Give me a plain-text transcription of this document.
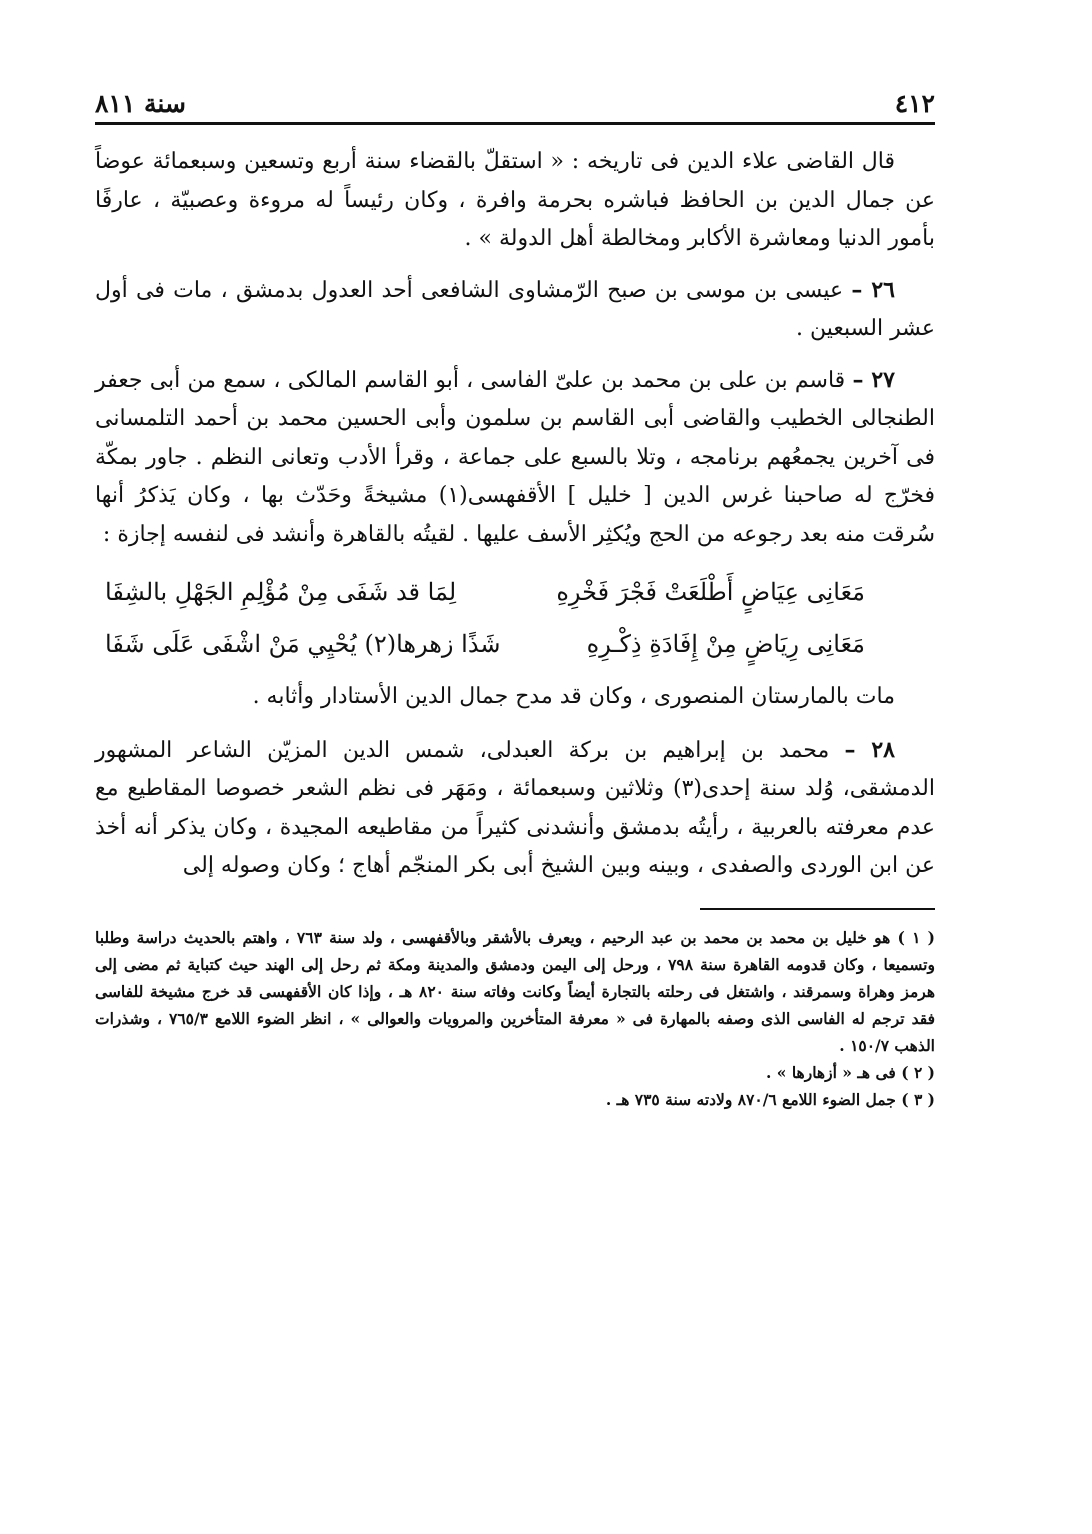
٤١٢
سنة ٨١١

قال القاضى علاء الدين فى تاريخه : « استقلّ بالقضاء سنة أربع وتسعين وسبعمائة عوضاً عن جمال الدين بن الحافظ فباشره بحرمة وافرة ، وكان رئيساً له مروءة وعصبيّة ، عارفًا بأمور الدنيا ومعاشرة الأكابر ومخالطة أهل الدولة » .

٢٦ – عيسى بن موسى بن صبح الرّمشاوى الشافعى أحد العدول بدمشق ، مات فى أول عشر السبعين .

٢٧ – قاسم بن على بن محمد بن علىّ الفاسى ، أبو القاسم المالكى ، سمع من أبى جعفر الطنجالى الخطيب والقاضى أبى القاسم بن سلمون وأبى الحسين محمد بن أحمد التلمسانى فى آخرين يجمعُهم برنامجه ، وتلا بالسبع على جماعة ، وقرأ الأدب وتعانى النظم . جاور بمكّة فخرّج له صاحبنا غرس الدين [ خليل ] الأقفهسى(١) مشيخةً وحَدّث بها ، وكان يَذكرُ أنها سُرقت منه بعد رجوعه من الحج ويُكثِر الأسف عليها . لقيتُه بالقاهرة وأنشد فى لنفسه إجازة :

مَعَانِى عِيَاضٍ أَطْلَعَتْ فَجْرَ فَخْرِهِ
لِمَا قد شَفَى مِنْ مُؤْلِمِ الجَهْلِ بالشِفَا
مَعَانِى رِيَاضٍ مِنْ إِفَادَةِ ذِكْـرِهِ
شَذًا زهرها(٢) يُحْيِي مَنْ اشْفَى عَلَى شَفَا

مات بالمارستان المنصورى ، وكان قد مدح جمال الدين الأستادار وأثابه .

٢٨ – محمد بن إبراهيم بن بركة العبدلى، شمس الدين المزيّن الشاعر المشهور الدمشقى، وُلد سنة إحدى(٣) وثلاثين وسبعمائة ، ومَهَر فى نظم الشعر خصوصا المقاطيع مع عدم معرفته بالعربية ، رأيتُه بدمشق وأنشدنى كثيراً من مقاطيعه المجيدة ، وكان يذكر أنه أخذ عن ابن الوردى والصفدى ، وبينه وبين الشيخ أبى بكر المنجّم أهاج ؛ وكان وصوله إلى

( ١ ) هو خليل بن محمد بن محمد بن عبد الرحيم ، ويعرف بالأشقر وبالأقفهسى ، ولد سنة ٧٦٣ ، واهتم بالحديث دراسة وطلبا وتسميعا ، وكان قدومه القاهرة سنة ٧٩٨ ، ورحل إلى اليمن ودمشق والمدينة ومكة ثم رحل إلى الهند حيث كتباية ثم مضى إلى هرمز وهراة وسمرقند ، واشتغل فى رحلته بالتجارة أيضاً وكانت وفاته سنة ٨٢٠ هـ ، وإذا كان الأقفهسى قد خرج مشيخة للفاسى فقد ترجم له الفاسى الذى وصفه بالمهارة فى « معرفة المتأخرين والمرويات والعوالى » ، انظر الضوء اللامع ٧٦٥/٣ ، وشذرات الذهب ١٥٠/٧ .

( ٢ ) فى هـ « أزهارها » .

( ٣ ) جمل الضوء اللامع ٨٧٠/٦ ولادته سنة ٧٣٥ هـ .
